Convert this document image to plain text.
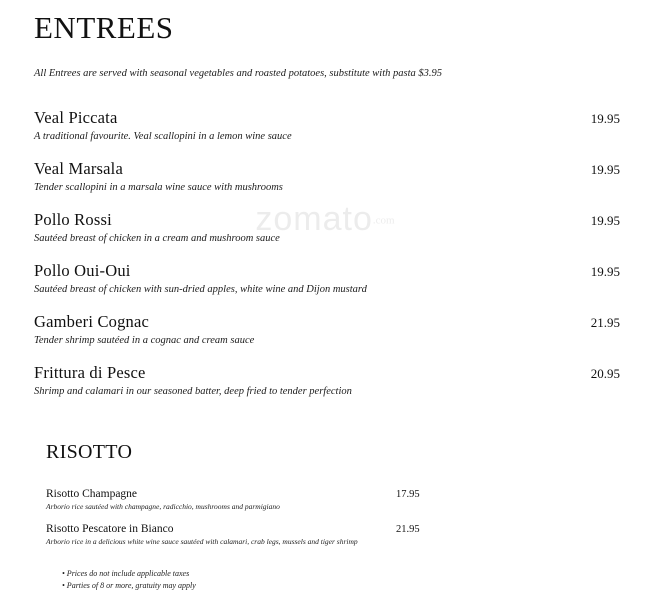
ENTREES
All Entrees are served with seasonal vegetables and roasted potatoes, substitute with pasta $3.95
Veal Piccata	19.95
A traditional favourite. Veal scallopini in a lemon wine sauce
Veal Marsala	19.95
Tender scallopini in a marsala wine sauce with mushrooms
Pollo Rossi	19.95
Sautéed breast of chicken in a cream and mushroom sauce
Pollo Oui-Oui	19.95
Sautéed breast of chicken with sun-dried apples, white wine and Dijon mustard
Gamberi Cognac	21.95
Tender shrimp sautéed in a cognac and cream sauce
Frittura di Pesce	20.95
Shrimp and calamari in our seasoned batter, deep fried to tender perfection
RISOTTO
Risotto Champagne	17.95
Arborio rice sautéed with champagne, radicchio, mushrooms and parmigiano
Risotto Pescatore in Bianco	21.95
Arborio rice in a delicious white wine sauce sautéed with calamari, crab legs, mussels and tiger shrimp
• Prices do not include applicable taxes
• Parties of 8 or more, gratuity may apply
zomato$^{.com}$
